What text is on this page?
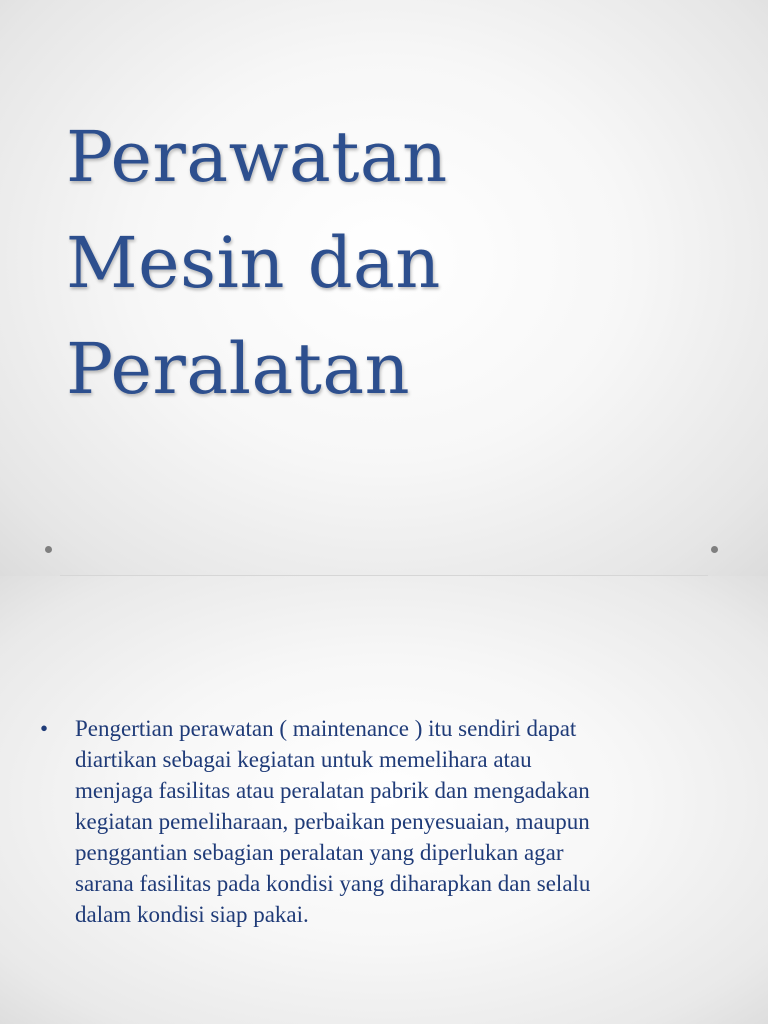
Perawatan
Mesin dan
Peralatan
• Pengertian perawatan ( maintenance ) itu sendiri dapat
diartikan sebagai kegiatan untuk memelihara atau
menjaga fasilitas atau peralatan pabrik dan mengadakan
kegiatan pemeliharaan, perbaikan penyesuaian, maupun
penggantian sebagian peralatan yang diperlukan agar
sarana fasilitas pada kondisi yang diharapkan dan selalu
dalam kondisi siap pakai.
